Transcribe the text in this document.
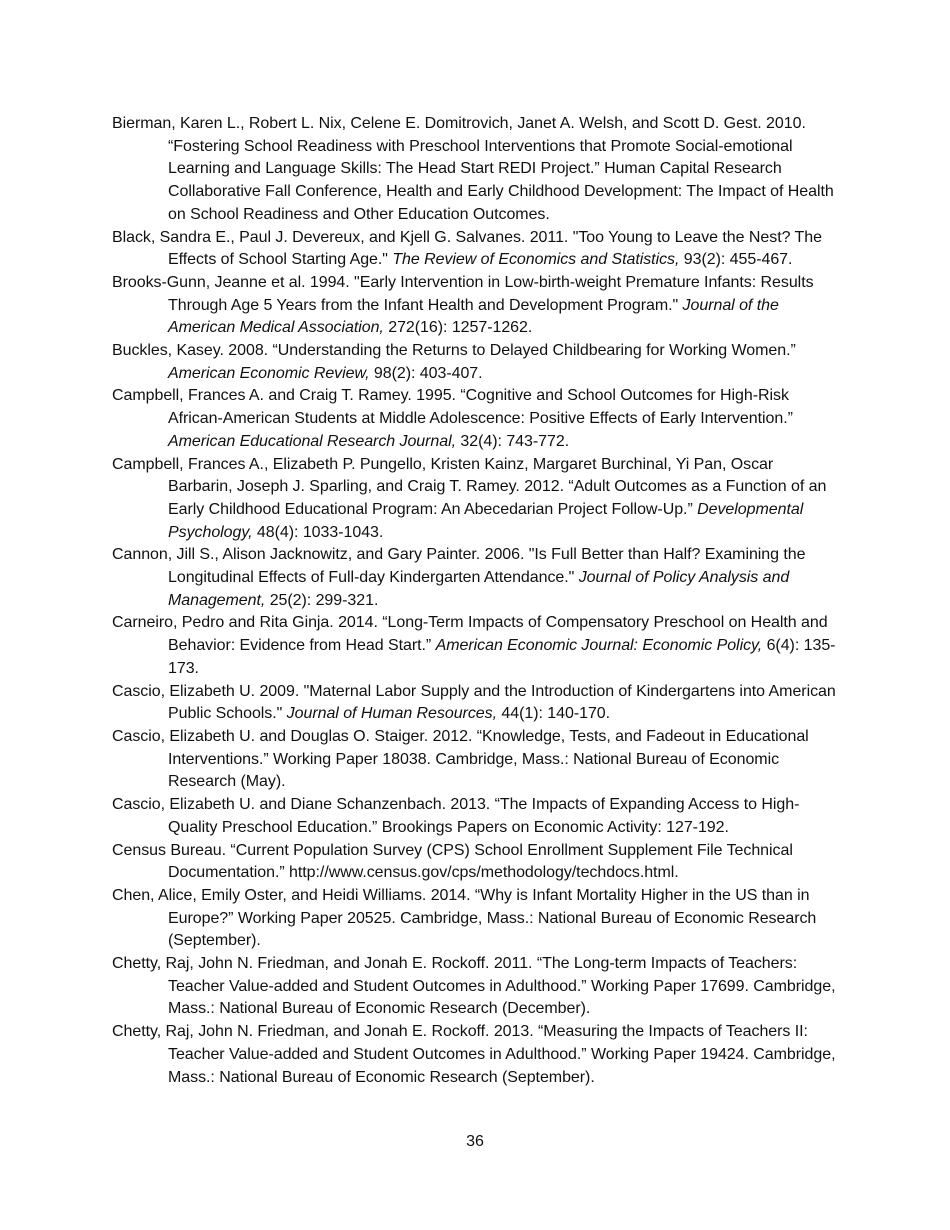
Bierman, Karen L., Robert L. Nix, Celene E. Domitrovich, Janet A. Welsh, and Scott D. Gest. 2010. “Fostering School Readiness with Preschool Interventions that Promote Social-emotional Learning and Language Skills: The Head Start REDI Project.” Human Capital Research Collaborative Fall Conference, Health and Early Childhood Development: The Impact of Health on School Readiness and Other Education Outcomes.

Black, Sandra E., Paul J. Devereux, and Kjell G. Salvanes. 2011. "Too Young to Leave the Nest? The Effects of School Starting Age." The Review of Economics and Statistics, 93(2): 455-467.

Brooks-Gunn, Jeanne et al. 1994. "Early Intervention in Low-birth-weight Premature Infants: Results Through Age 5 Years from the Infant Health and Development Program." Journal of the American Medical Association, 272(16): 1257-1262.

Buckles, Kasey. 2008. “Understanding the Returns to Delayed Childbearing for Working Women.” American Economic Review, 98(2): 403-407.

Campbell, Frances A. and Craig T. Ramey. 1995. “Cognitive and School Outcomes for High-Risk African-American Students at Middle Adolescence: Positive Effects of Early Intervention.” American Educational Research Journal, 32(4): 743-772.

Campbell, Frances A., Elizabeth P. Pungello, Kristen Kainz, Margaret Burchinal, Yi Pan, Oscar Barbarin, Joseph J. Sparling, and Craig T. Ramey. 2012. “Adult Outcomes as a Function of an Early Childhood Educational Program: An Abecedarian Project Follow-Up.” Developmental Psychology, 48(4): 1033-1043.

Cannon, Jill S., Alison Jacknowitz, and Gary Painter. 2006. "Is Full Better than Half? Examining the Longitudinal Effects of Full-day Kindergarten Attendance." Journal of Policy Analysis and Management, 25(2): 299-321.

Carneiro, Pedro and Rita Ginja. 2014. “Long-Term Impacts of Compensatory Preschool on Health and Behavior: Evidence from Head Start.” American Economic Journal: Economic Policy, 6(4): 135-173.

Cascio, Elizabeth U. 2009. "Maternal Labor Supply and the Introduction of Kindergartens into American Public Schools." Journal of Human Resources, 44(1): 140-170.

Cascio, Elizabeth U. and Douglas O. Staiger. 2012. “Knowledge, Tests, and Fadeout in Educational Interventions.” Working Paper 18038. Cambridge, Mass.: National Bureau of Economic Research (May).

Cascio, Elizabeth U. and Diane Schanzenbach. 2013. “The Impacts of Expanding Access to High-Quality Preschool Education.” Brookings Papers on Economic Activity: 127-192.

Census Bureau. “Current Population Survey (CPS) School Enrollment Supplement File Technical Documentation.” http://www.census.gov/cps/methodology/techdocs.html.

Chen, Alice, Emily Oster, and Heidi Williams. 2014. “Why is Infant Mortality Higher in the US than in Europe?” Working Paper 20525. Cambridge, Mass.: National Bureau of Economic Research (September).

Chetty, Raj, John N. Friedman, and Jonah E. Rockoff. 2011. “The Long-term Impacts of Teachers: Teacher Value-added and Student Outcomes in Adulthood.” Working Paper 17699. Cambridge, Mass.: National Bureau of Economic Research (December).

Chetty, Raj, John N. Friedman, and Jonah E. Rockoff. 2013. “Measuring the Impacts of Teachers II: Teacher Value-added and Student Outcomes in Adulthood.” Working Paper 19424. Cambridge, Mass.: National Bureau of Economic Research (September).

36
